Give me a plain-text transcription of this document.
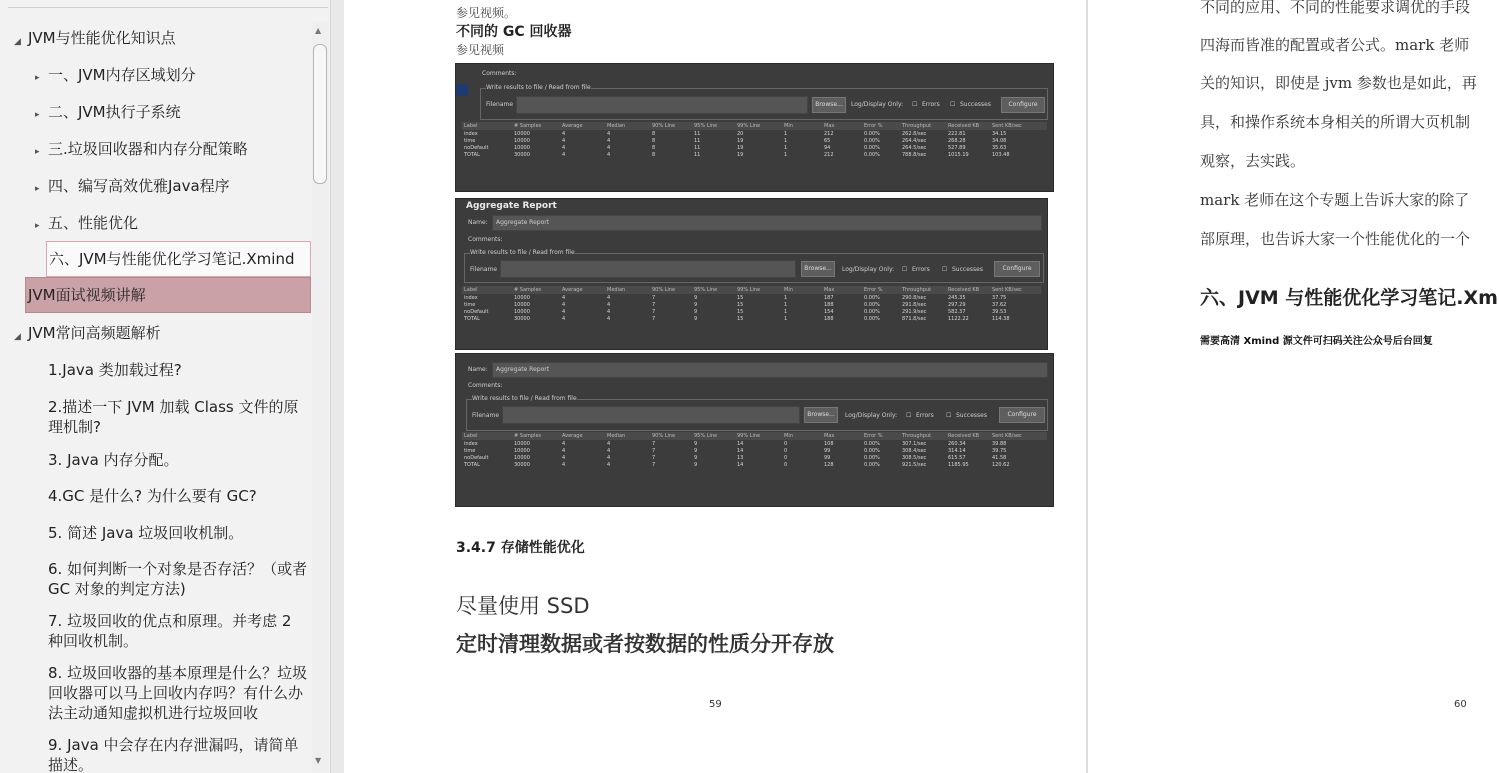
◢ JVM与性能优化知识点
▸ 一、JVM内存区域划分
▸ 二、JVM执行子系统
▸ 三.垃圾回收器和内存分配策略
▸ 四、编写高效优雅Java程序
▸ 五、性能优化
六、JVM与性能优化学习笔记.Xmind
JVM面试视频讲解
◢ JVM常问高频题解析
1.Java 类加载过程?
2.描述一下 JVM 加载 Class 文件的原理机制?
3. Java 内存分配。
4.GC 是什么? 为什么要有 GC?
5. 简述 Java 垃圾回收机制。
6. 如何判断一个对象是否存活？（或者 GC 对象的判定方法)
7. 垃圾回收的优点和原理。并考虑 2 种回收机制。
8. 垃圾回收器的基本原理是什么？垃圾回收器可以马上回收内存吗？有什么办法主动通知虚拟机进行垃圾回收
9. Java 中会存在内存泄漏吗，请简单描述。
▲
▼
参见视频。
不同的 GC 回收器
参见视频
Comments:
Write results to file / Read from file
Filename	Browse...	Log/Display Only: ☐ Errors ☐ Successes	Configure
Label	# Samples	Average	Median	90% Line	95% Line	99% Line	Min	Max	Error %	Throughput	Received KB	Sent KB/sec
index	10000	4	4	8	11	20	1	212	0.00%	262.8/sec	222.81	34.15
time	10000	4	4	8	11	19	1	65	0.00%	264.4/sec	268.28	34.08
noDefault	10000	4	4	8	11	19	1	94	0.00%	264.5/sec	527.89	35.63
TOTAL	30000	4	4	8	11	19	1	212	0.00%	788.8/sec	1015.19	103.48
Aggregate Report
Name: Aggregate Report
Comments:
Write results to file / Read from file
Filename	Browse...	Log/Display Only: ☐ Errors ☐ Successes	Configure
Label	# Samples	Average	Median	90% Line	95% Line	99% Line	Min	Max	Error %	Throughput	Received KB	Sent KB/sec
index	10000	4	4	7	9	15	1	187	0.00%	290.8/sec	245.35	37.75
time	10000	4	4	7	9	15	1	188	0.00%	291.8/sec	297.29	37.62
noDefault	10000	4	4	7	9	15	1	154	0.00%	291.9/sec	582.37	39.53
TOTAL	30000	4	4	7	9	15	1	188	0.00%	871.8/sec	1122.22	114.38
Name: Aggregate Report
Comments:
Write results to file / Read from file
Filename	Browse...	Log/Display Only: ☐ Errors ☐ Successes	Configure
Label	# Samples	Average	Median	90% Line	95% Line	99% Line	Min	Max	Error %	Throughput	Received KB	Sent KB/sec
index	10000	4	4	7	9	14	0	108	0.00%	307.1/sec	260.34	39.88
time	10000	4	4	7	9	14	0	99	0.00%	308.4/sec	314.14	39.75
noDefault	10000	4	4	7	9	13	0	99	0.00%	308.5/sec	615.57	41.58
TOTAL	30000	4	4	7	9	14	0	128	0.00%	921.5/sec	1185.95	120.62
3.4.7 存储性能优化
尽量使用 SSD
定时清理数据或者按数据的性质分开存放
59
不同的应用、不同的性能要求调优的手段
四海而皆准的配置或者公式。mark 老师
关的知识，即使是 jvm 参数也是如此，再
具，和操作系统本身相关的所谓大页机制
观察，去实践。
mark 老师在这个专题上告诉大家的除了
部原理，也告诉大家一个性能优化的一个
六、JVM 与性能优化学习笔记.Xm
需要高清 Xmind 源文件可扫码关注公众号后台回复
60
